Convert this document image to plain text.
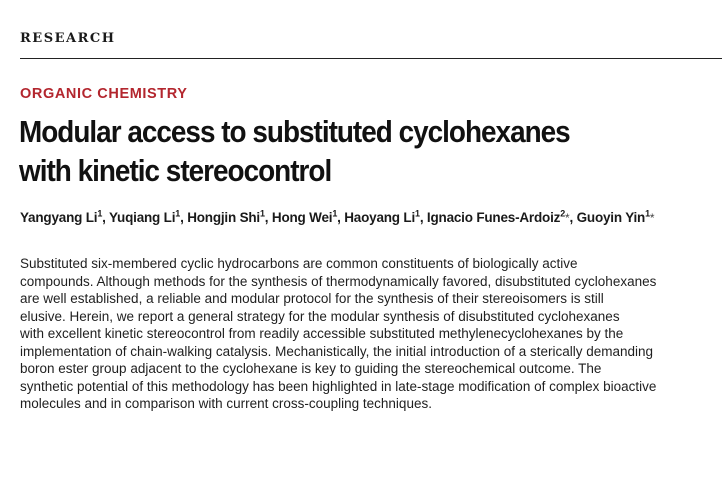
RESEARCH
ORGANIC CHEMISTRY
Modular access to substituted cyclohexanes
with kinetic stereocontrol
Yangyang Li$^1$, Yuqiang Li$^1$, Hongjin Shi$^1$, Hong Wei$^1$, Haoyang Li$^1$, Ignacio Funes-Ardoiz$^2$*, Guoyin Yin$^1$*
Substituted six-membered cyclic hydrocarbons are common constituents of biologically active
compounds. Although methods for the synthesis of thermodynamically favored, disubstituted cyclohexanes
are well established, a reliable and modular protocol for the synthesis of their stereoisomers is still
elusive. Herein, we report a general strategy for the modular synthesis of disubstituted cyclohexanes
with excellent kinetic stereocontrol from readily accessible substituted methylenecyclohexanes by the
implementation of chain-walking catalysis. Mechanistically, the initial introduction of a sterically demanding
boron ester group adjacent to the cyclohexane is key to guiding the stereochemical outcome. The
synthetic potential of this methodology has been highlighted in late-stage modification of complex bioactive
molecules and in comparison with current cross-coupling techniques.
